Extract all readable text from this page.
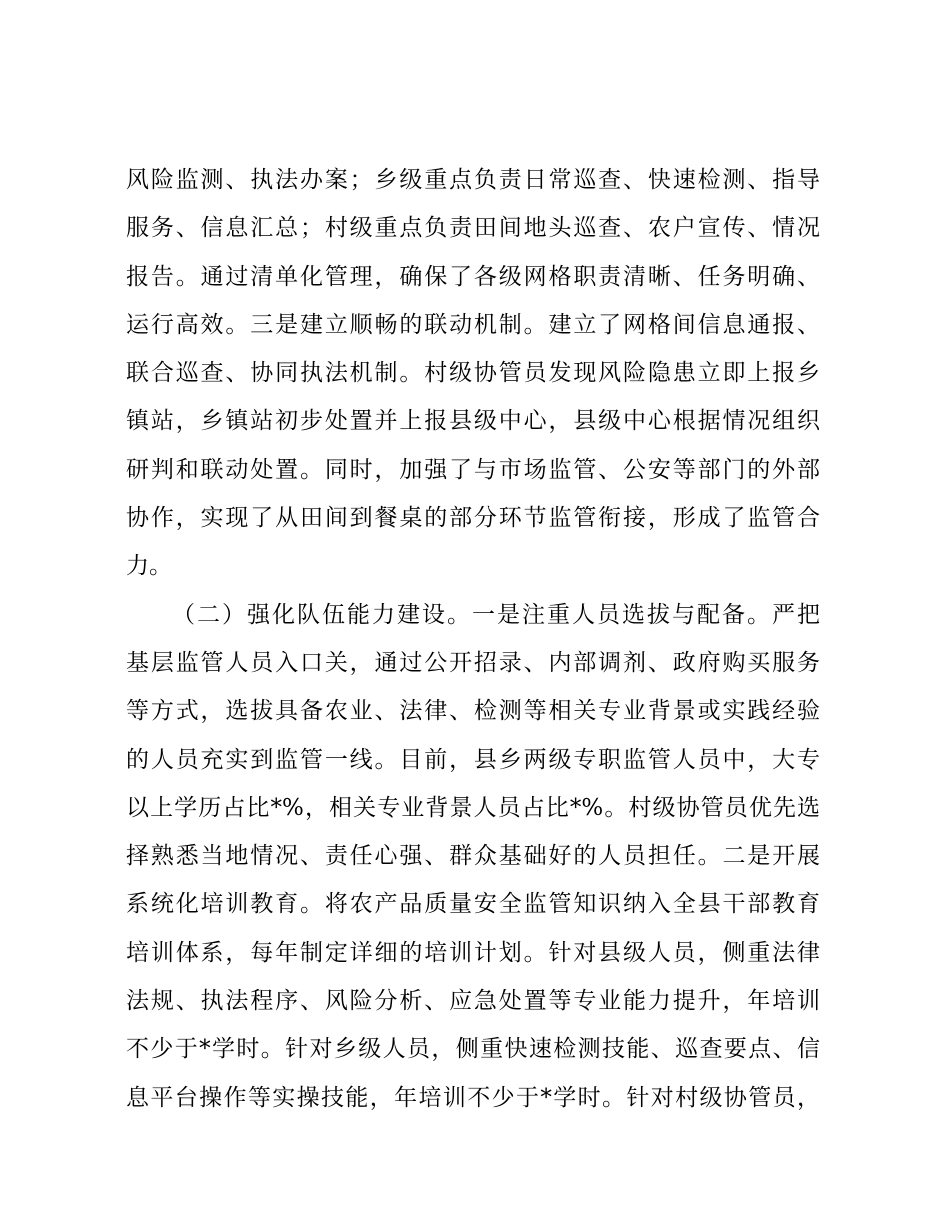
风险监测、执法办案；乡级重点负责日常巡查、快速检测、指导
服务、信息汇总；村级重点负责田间地头巡查、农户宣传、情况
报告。通过清单化管理，确保了各级网格职责清晰、任务明确、
运行高效。三是建立顺畅的联动机制。建立了网格间信息通报、
联合巡查、协同执法机制。村级协管员发现风险隐患立即上报乡
镇站，乡镇站初步处置并上报县级中心，县级中心根据情况组织
研判和联动处置。同时，加强了与市场监管、公安等部门的外部
协作，实现了从田间到餐桌的部分环节监管衔接，形成了监管合
力。
（二）强化队伍能力建设。一是注重人员选拔与配备。严把
基层监管人员入口关，通过公开招录、内部调剂、政府购买服务
等方式，选拔具备农业、法律、检测等相关专业背景或实践经验
的人员充实到监管一线。目前，县乡两级专职监管人员中，大专
以上学历占比*%，相关专业背景人员占比*%。村级协管员优先选
择熟悉当地情况、责任心强、群众基础好的人员担任。二是开展
系统化培训教育。将农产品质量安全监管知识纳入全县干部教育
培训体系，每年制定详细的培训计划。针对县级人员，侧重法律
法规、执法程序、风险分析、应急处置等专业能力提升，年培训
不少于*学时。针对乡级人员，侧重快速检测技能、巡查要点、信
息平台操作等实操技能，年培训不少于*学时。针对村级协管员，
